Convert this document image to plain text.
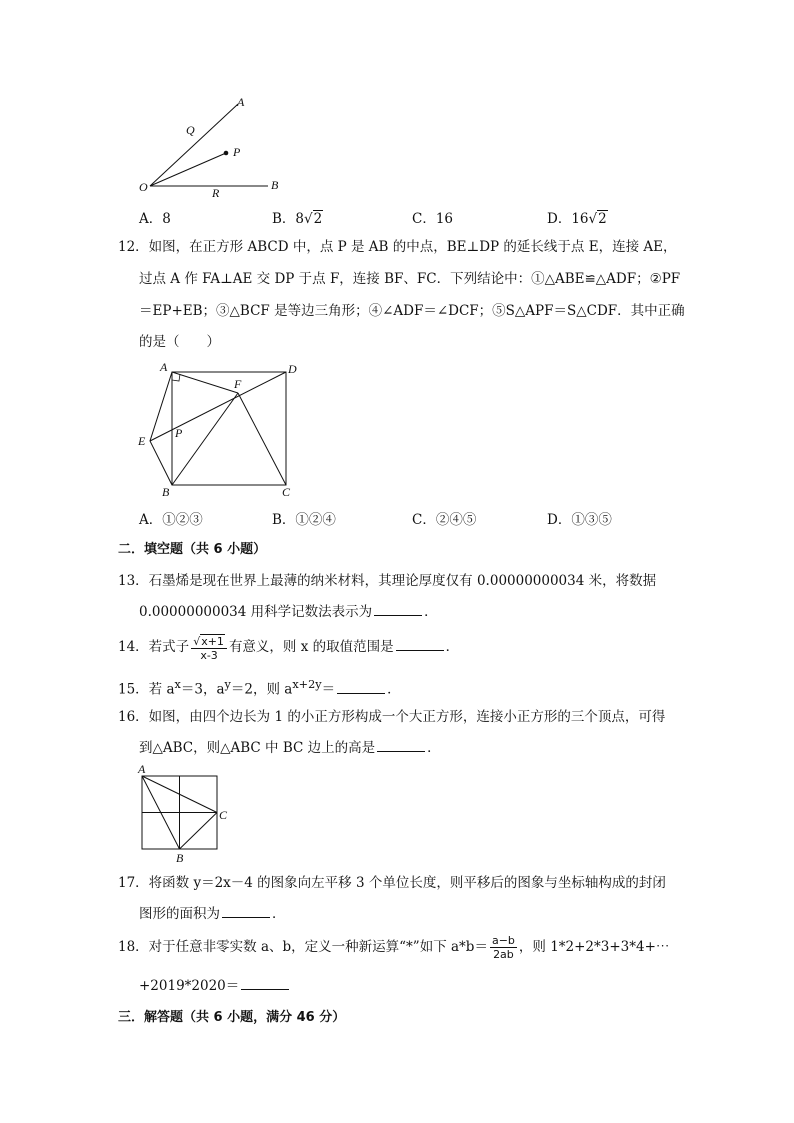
A
Q
P
O	R
B
A．8	B．8√2	C．16	D．16√2
12．如图，在正方形 ABCD 中，点 P 是 AB 的中点，BE⊥DP 的延长线于点 E，连接 AE，
过点 A 作 FA⊥AE 交 DP 于点 F，连接 BF、FC．下列结论中：①△ABE≌△ADF；②PF
＝EP+EB；③△BCF 是等边三角形；④∠ADF＝∠DCF；⑤S△APF＝S△CDF．其中正确
的是（　　）
A	D
F
E
P
B	C
A．①②③	B．①②④	C．②④⑤	D．①③⑤
二．填空题（共 6 小题）
13．石墨烯是现在世界上最薄的纳米材料，其理论厚度仅有 0.00000000034 米，将数据
0.00000000034 用科学记数法表示为	．
14．若式子 $\frac{√x+1}{x-3}$ 有意义，则 x 的取值范围是	．
15．若 $a^x=3$，$a^y=2$，则 $a^{x+2y}=$	．
16．如图，由四个边长为 1 的小正方形构成一个大正方形，连接小正方形的三个顶点，可得
到△ABC，则△ABC 中 BC 边上的高是	．
A
C
B
17．将函数 y＝2x－4 的图象向左平移 3 个单位长度，则平移后的图象与坐标轴构成的封闭
图形的面积为	．
18．对于任意非零实数 a、b，定义一种新运算“*”如下 $a*b= \frac{a-b}{2ab}$ ，则 1*2+2*3+3*4+⋯
+2019*2020＝
三．解答题（共 6 小题，满分 46 分）
